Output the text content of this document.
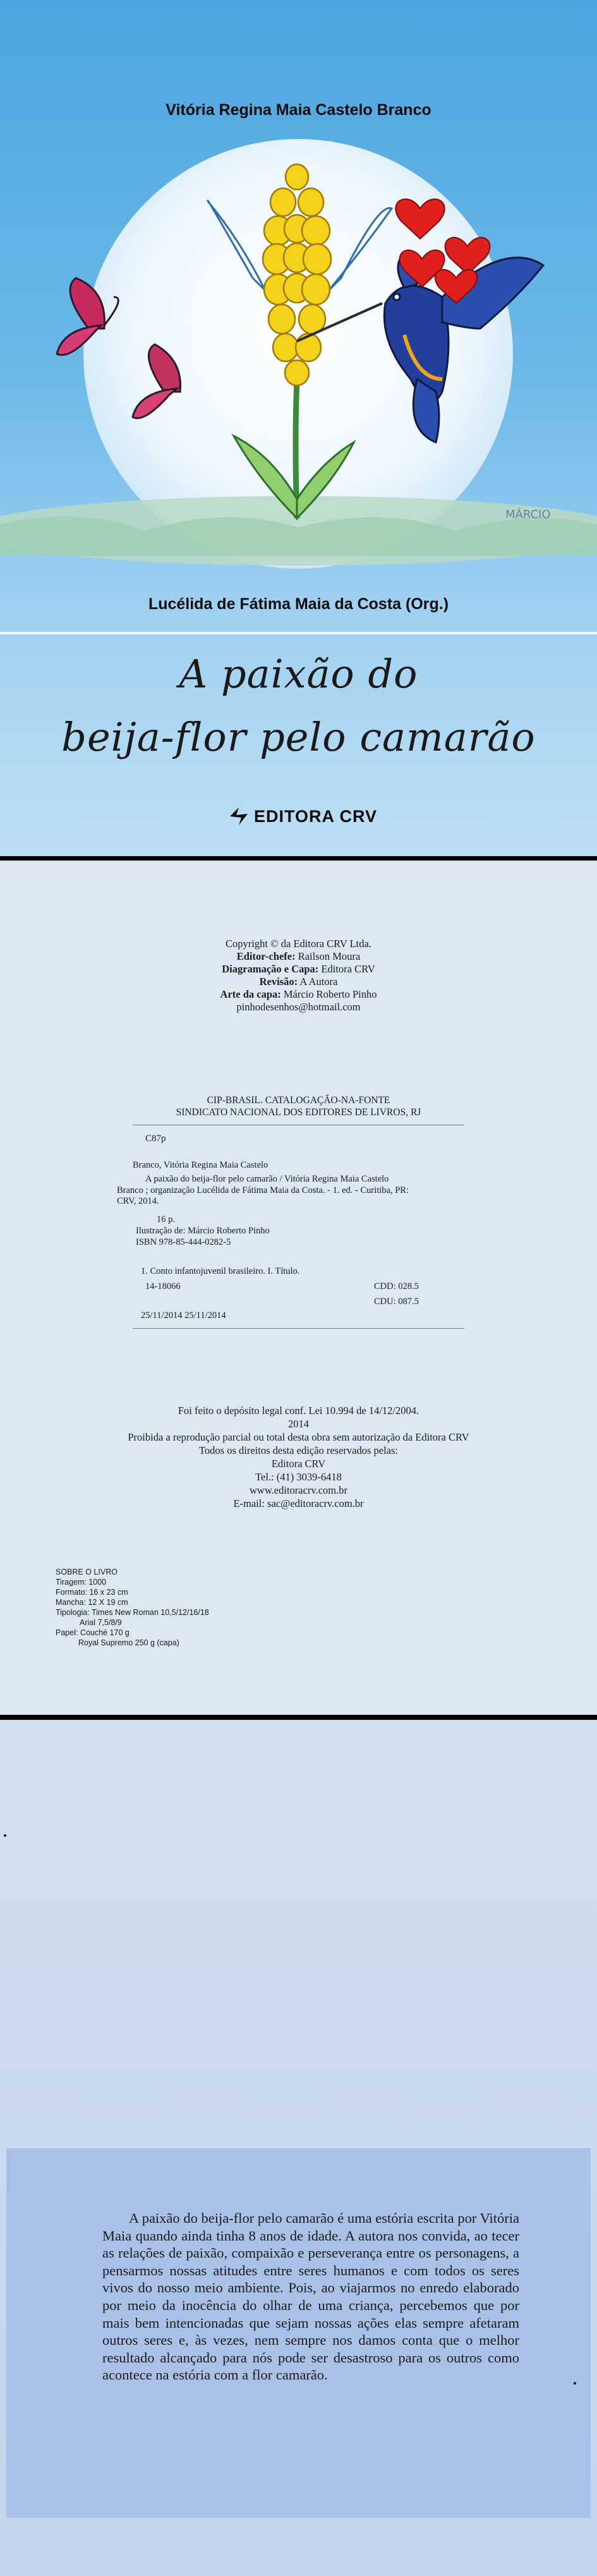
MÁRCIO
Vitória Regina Maia Castelo Branco
Lucélida de Fátima Maia da Costa (Org.)
A paixão do
beija-flor pelo camarão
EDITORA CRV
Copyright © da Editora CRV Ltda.
Editor-chefe: Railson Moura
Diagramação e Capa: Editora CRV
Revisão: A Autora
Arte da capa: Márcio Roberto Pinho
pinhodesenhos@hotmail.com
CIP-BRASIL. CATALOGAÇÃO-NA-FONTE
SINDICATO NACIONAL DOS EDITORES DE LIVROS, RJ
C87p
Branco, Vitória Regina Maia Castelo
A paixão do beija-flor pelo camarão / Vitória Regina Maia Castelo
Branco ; organização Lucélida de Fátima Maia da Costa. - 1. ed. - Curitiba, PR:
CRV, 2014.
16 p.
Ilustração de: Márcio Roberto Pinho
ISBN 978-85-444-0282-5
1. Conto infantojuvenil brasileiro. I. Título.
14-18066	CDD: 028.5
CDU: 087.5
25/11/2014 25/11/2014
Foi feito o depósito legal conf. Lei 10.994 de 14/12/2004.
2014
Proibida a reprodução parcial ou total desta obra sem autorização da Editora CRV
Todos os direitos desta edição reservados pelas:
Editora CRV
Tel.: (41) 3039-6418
www.editoracrv.com.br
E-mail: sac@editoracrv.com.br
SOBRE O LIVRO
Tiragem: 1000
Formato: 16 x 23 cm
Mancha: 12 X 19 cm
Tipologia: Times New Roman 10,5/12/16/18
Arial 7,5/8/9
Papel: Couché 170 g
Royal Supremo 250 g (capa)
A paixão do beija-flor pelo camarão é uma estória escrita por Vitória Maia quando ainda tinha 8 anos de idade. A autora nos convida, ao tecer as relações de paixão, compaixão e perseverança entre os personagens, a pensarmos nossas atitudes entre seres humanos e com todos os seres vivos do nosso meio ambiente. Pois, ao viajarmos no enredo elaborado por meio da inocência do olhar de uma criança, percebemos que por mais bem intencionadas que sejam nossas ações elas sempre afetaram outros seres e, às vezes, nem sempre nos damos conta que o melhor resultado alcançado para nós pode ser desastroso para os outros como acontece na estória com a flor camarão.
